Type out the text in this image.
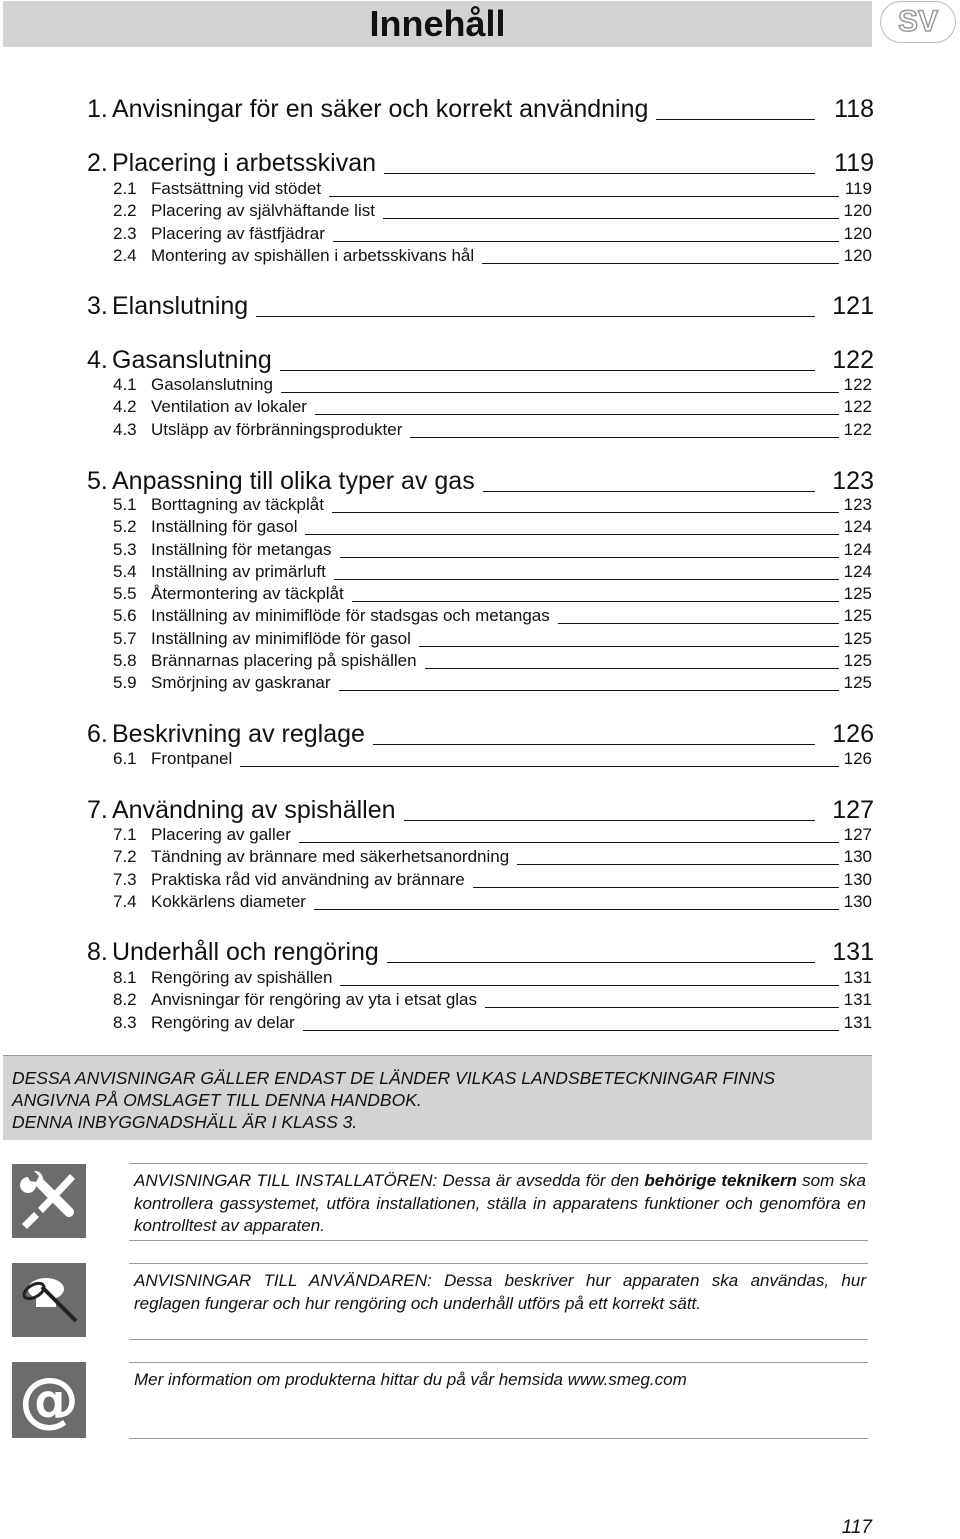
Innehåll	SV
1. Anvisningar för en säker och korrekt användning	118
2. Placering i arbetsskivan	119
2.1 Fastsättning vid stödet	119
2.2 Placering av självhäftande list	120
2.3 Placering av fästfjädrar	120
2.4 Montering av spishällen i arbetsskivans hål	120
3. Elanslutning	121
4. Gasanslutning	122
4.1 Gasolanslutning	122
4.2 Ventilation av lokaler	122
4.3 Utsläpp av förbränningsprodukter	122
5. Anpassning till olika typer av gas	123
5.1 Borttagning av täckplåt	123
5.2 Inställning för gasol	124
5.3 Inställning för metangas	124
5.4 Inställning av primärluft	124
5.5 Återmontering av täckplåt	125
5.6 Inställning av minimiflöde för stadsgas och metangas	125
5.7 Inställning av minimiflöde för gasol	125
5.8 Brännarnas placering på spishällen	125
5.9 Smörjning av gaskranar	125
6. Beskrivning av reglage	126
6.1 Frontpanel	126
7. Användning av spishällen	127
7.1 Placering av galler	127
7.2 Tändning av brännare med säkerhetsanordning	130
7.3 Praktiska råd vid användning av brännare	130
7.4 Kokkärlens diameter	130
8. Underhåll och rengöring	131
8.1 Rengöring av spishällen	131
8.2 Anvisningar för rengöring av yta i etsat glas	131
8.3 Rengöring av delar	131

DESSA ANVISNINGAR GÄLLER ENDAST DE LÄNDER VILKAS LANDSBETECKNINGAR FINNS

ANGIVNA PÅ OMSLAGET TILL DENNA HANDBOK.

DENNA INBYGGNADSHÄLL ÄR I KLASS 3.

ANVISNINGAR TILL INSTALLATÖREN: Dessa är avsedda för den behörige teknikern som ska kontrollera gassystemet, utföra installationen, ställa in apparatens funktioner och genomföra en kontrolltest av apparaten.
ANVISNINGAR TILL ANVÄNDAREN: Dessa beskriver hur apparaten ska användas, hur reglagen fungerar och hur rengöring och underhåll utförs på ett korrekt sätt.
@	Mer information om produkterna hittar du på vår hemsida www.smeg.com
117
